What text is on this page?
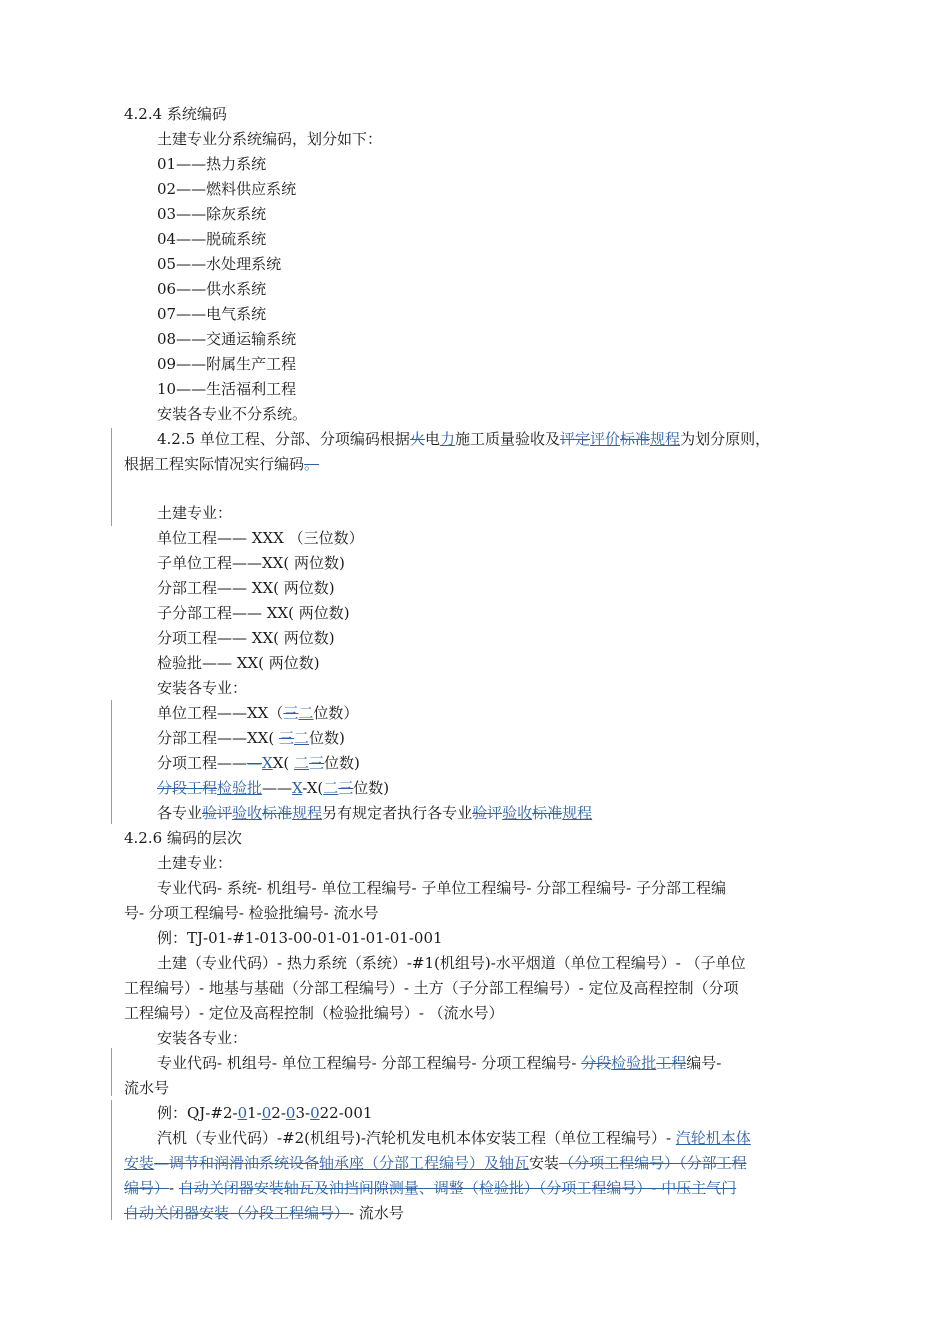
4.2.4 系统编码
土建专业分系统编码，划分如下：
01——热力系统
02——燃料供应系统
03——除灰系统
04——脱硫系统
05——水处理系统
06——供水系统
07——电气系统
08——交通运输系统
09——附属生产工程
10——生活福利工程
安装各专业不分系统。
4.2.5 单位工程、分部、分项编码根据火电力施工质量验收及评定评价标准规程为划分原则，
根据工程实际情况实行编码。
土建专业：
单位工程—— XXX （三位数）
子单位工程——XX( 两位数)
分部工程—— XX( 两位数)
子分部工程—— XX( 两位数)
分项工程—— XX( 两位数)
检验批—— XX( 两位数)
安装各专业：
单位工程——XX（三二位数）
分部工程——XX( 三二位数)
分项工程———XX( 二三位数)
分段工程检验批——X-X(二三位数)
各专业验评验收标准规程另有规定者执行各专业验评验收标准规程
4.2.6 编码的层次
土建专业：
专业代码- 系统- 机组号- 单位工程编号- 子单位工程编号- 分部工程编号- 子分部工程编
号- 分项工程编号- 检验批编号- 流水号
例：TJ-01-#1-013-00-01-01-01-01-001
土建（专业代码）- 热力系统（系统）-#1(机组号)-水平烟道（单位工程编号）- （子单位
工程编号）- 地基与基础（分部工程编号）- 土方（子分部工程编号）- 定位及高程控制（分项
工程编号）- 定位及高程控制（检验批编号）- （流水号）
安装各专业：
专业代码- 机组号- 单位工程编号- 分部工程编号- 分项工程编号- 分段检验批工程编号-
流水号
例：QJ-#2-01-02-03-022-001
汽机（专业代码）-#2(机组号)-汽轮机发电机本体安装工程（单位工程编号）- 汽轮机本体
安装—调节和润滑油系统设备轴承座（分部工程编号）及轴瓦安装（分项工程编号）（分部工程
编号）- 自动关闭器安装轴瓦及油挡间隙测量、调整（检验批）（分项工程编号）- 中压主气门
自动关闭器安装（分段工程编号）- 流水号
